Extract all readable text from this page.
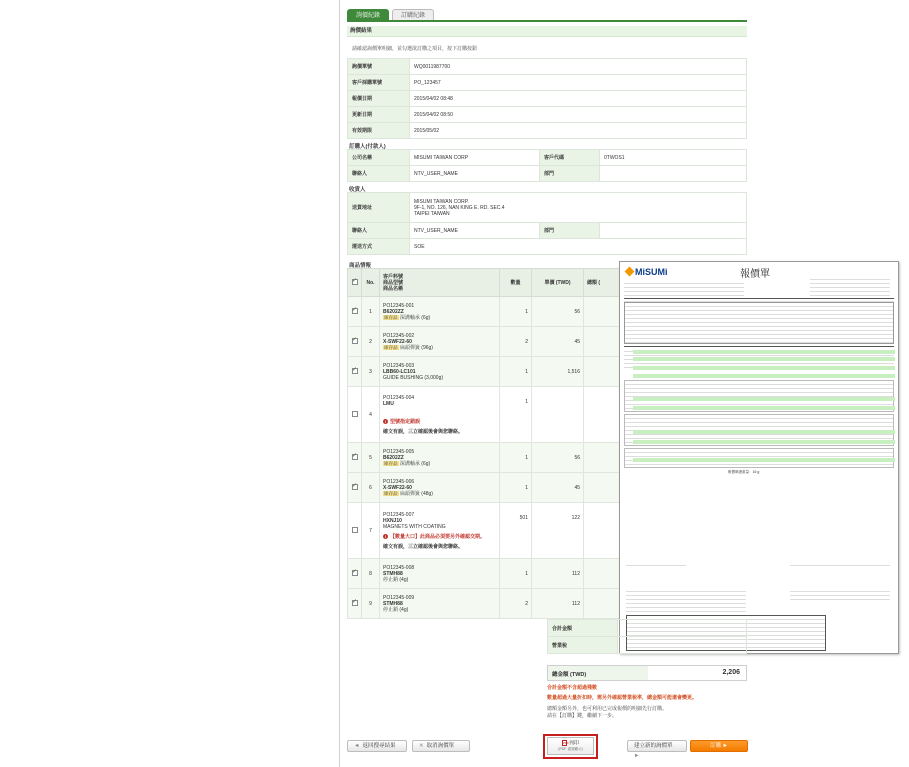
詢價紀錄	訂購紀錄
詢價結果
請確認詢價單明細，並勾選欲訂購之項目，按下訂購按鈕
詢價單號	WQ0011987700
客戶採購單號	PO_123457
報價日期	2015/04/02 08:48
更新日期	2015/04/02 08:50
有效期限	2015/05/02
訂購人(付款人)
公司名稱	MISUMI TAIWAN CORP	客戶代碼	0TWOS1
聯絡人	NTV_USER_NAME	部門	
收貨人
送貨地址	MISUMI TAIWAN CORP.
9F-1, NO. 126, NAN KING E. RD. SEC.4
TAIPEI TAIWAN		

聯絡人	NTV_USER_NAME	部門	
運送方式	SOE		
商品情報
✓	No.	客戶料號
商品型號
商品名稱	數量	單價 (TWD)	總額 (
✓	1	PO12345-001
B6202ZZ
庫存品 深溝軸承 (6g)	1	56	
✓	2	PO12345-002
X-SWF22-60
庫存品 扁頭彈簧 (96g)	2	45	
✓	3	PO12345-003
LBB60-LC101
GUIDE BUSHING (3,000g)	1	1,516	
	4	PO12345-004
LMU
! 型號指定錯誤
確文有誤，三立確認後會與您聯絡。	1		
✓	5	PO12345-005
B6202ZZ
庫存品 深溝軸承 (6g)	1	56	
✓	6	PO12345-006
X-SWF22-60
庫存品 扁頭彈簧 (48g)	1	45	
	7	PO12345-007
HXNJ10
MAGNETS WITH COATING
! 【數量大口】此商品必須要另外確認交期。
確文有誤，三立確認後會與您聯絡。	501	122	
✓	8	PO12345-008
STMH88
停止銷 (4g)	1	112	
✓	9	PO12345-009
STMH88
停止銷 (4g)	2	112	
MiSUMi	報價單
報價單總重量：16 g
合計金額	
營業稅	
總金額 (TWD)	2,206
合計金額不含超過殘數
數量超過大量折扣時，需另外確認營業稅率，總金額可能還會變更。
總額金額另外，也可利用已完成報價的明細先行訂購。
請在【訂購】鍵，繼續下一步。
◄ 返回搜尋結果	✕ 取消詢價單	PDF列印
(PDF 書面顯示)
建立新的詢價單 ►
訂購 ►
